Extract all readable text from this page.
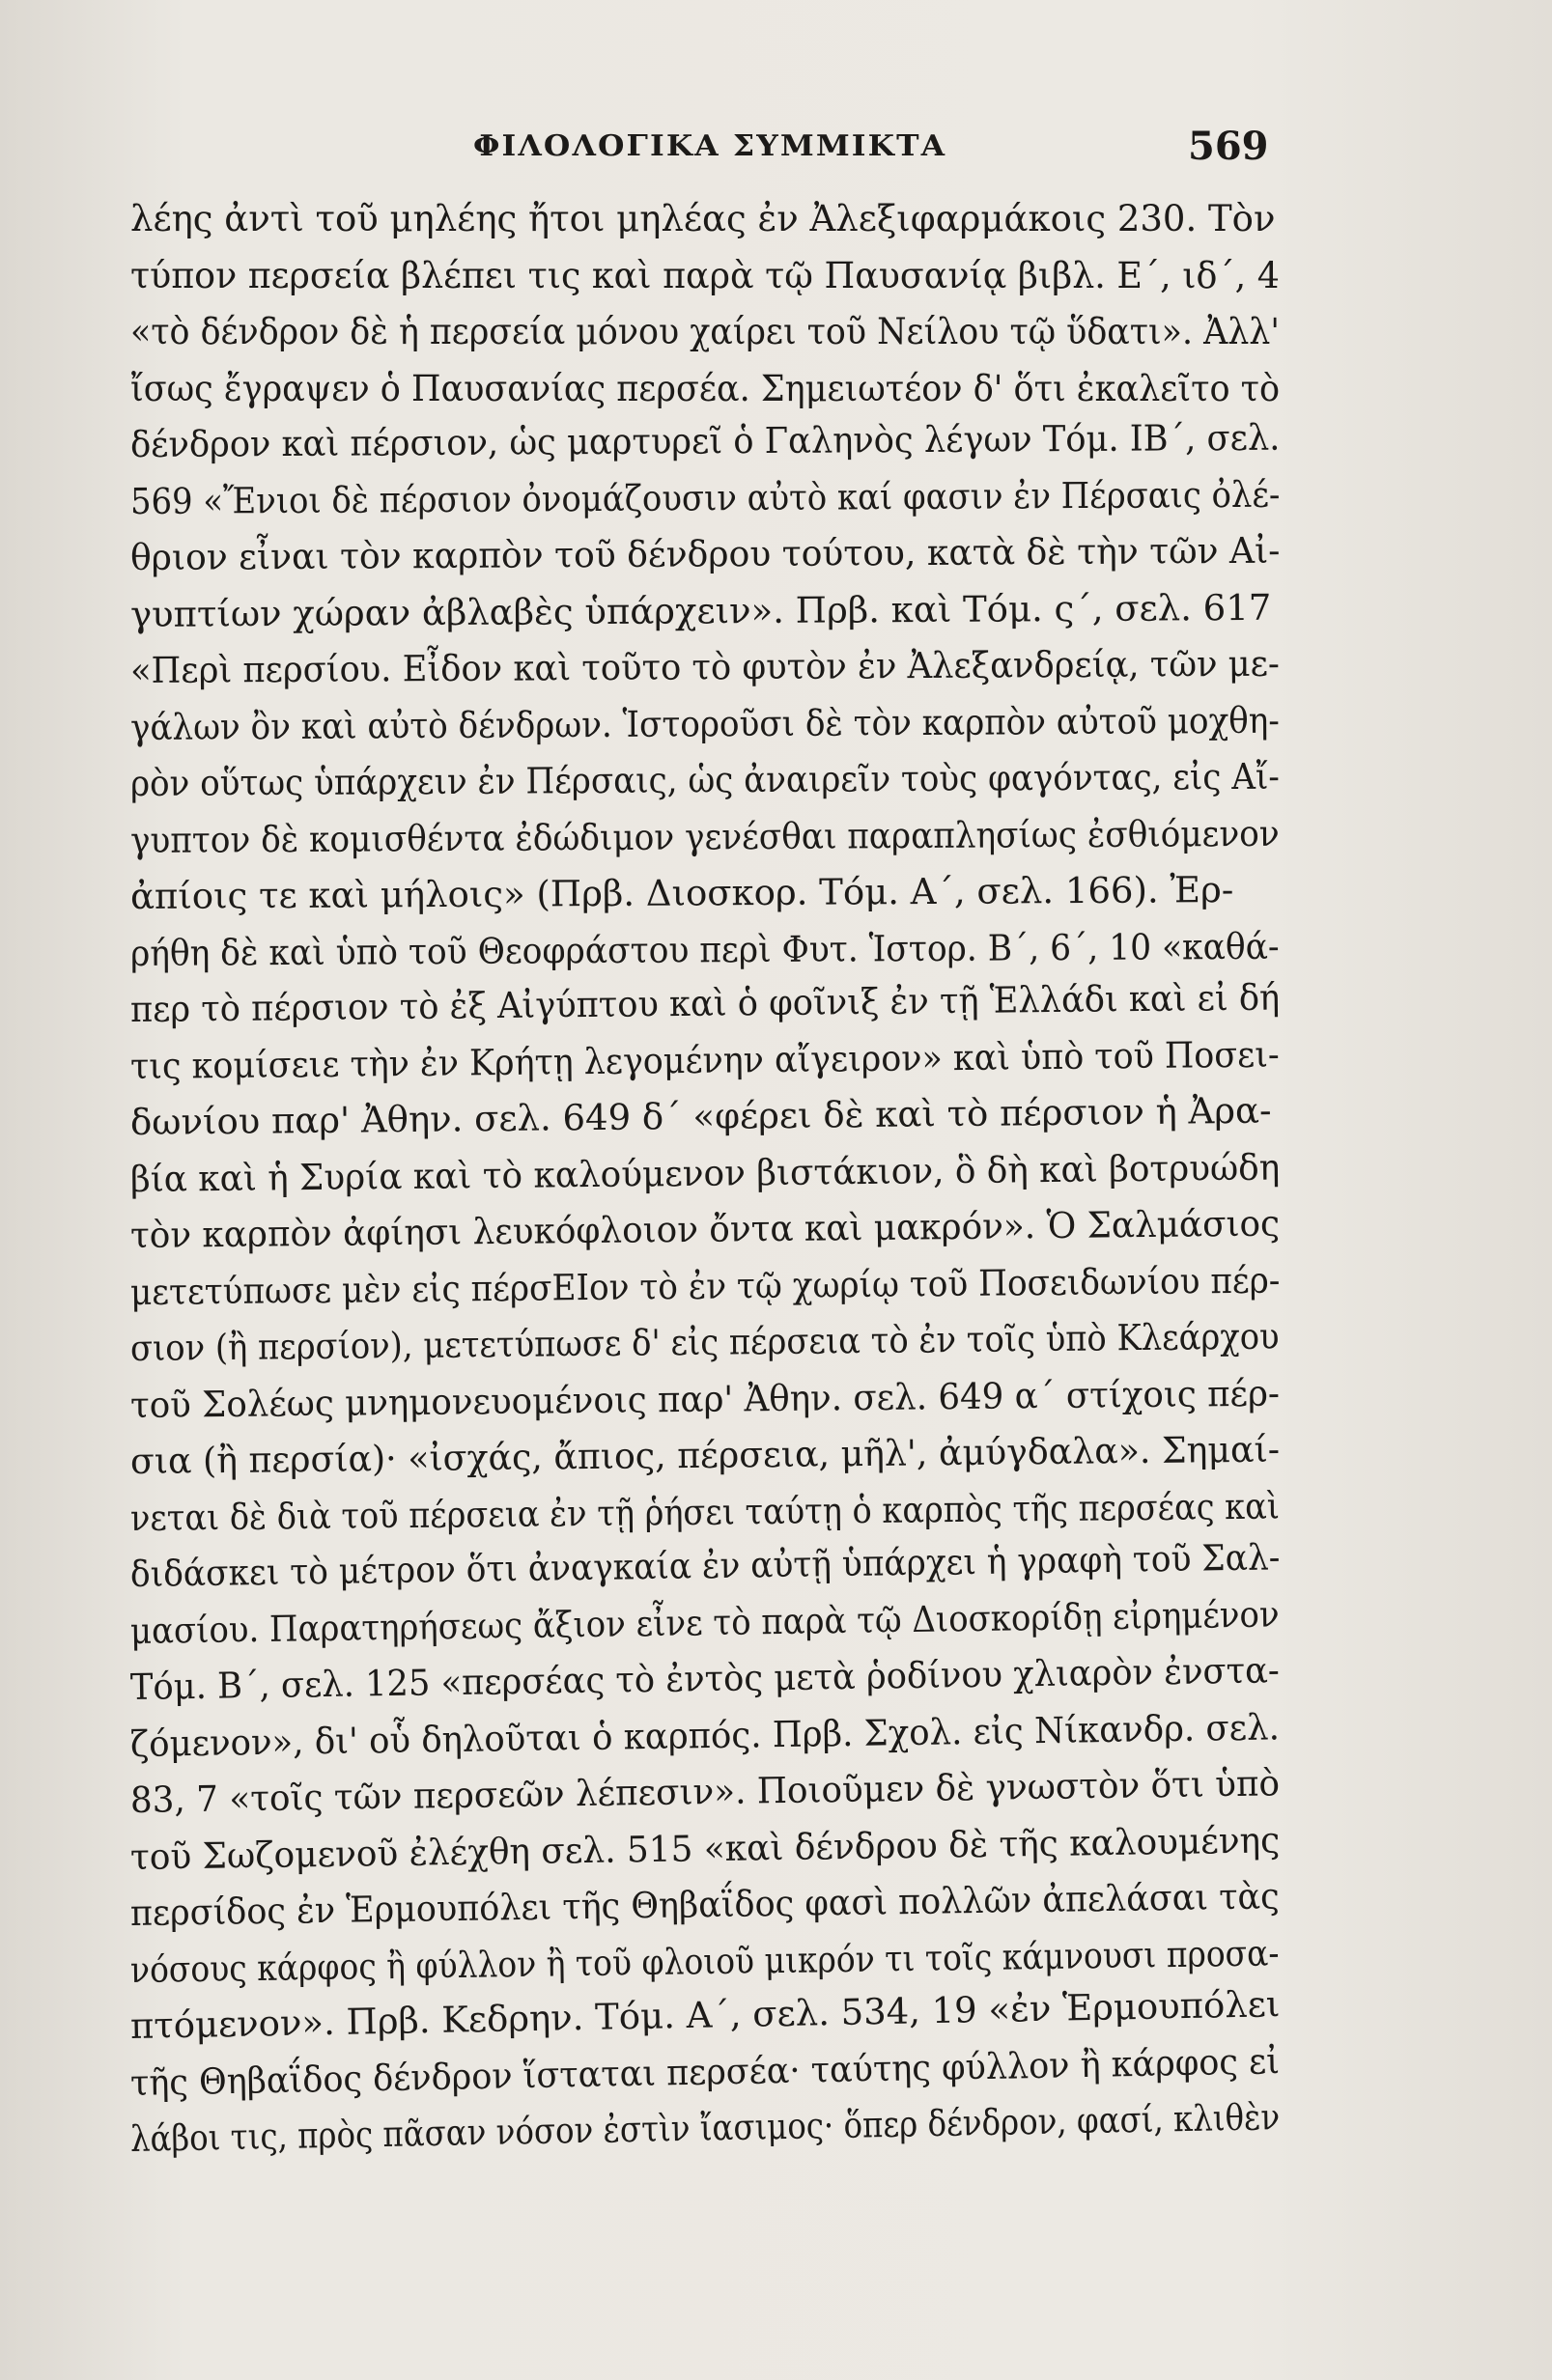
ΦΙΛΟΛΟΓΙΚΑ ΣΥΜΜΙΚΤΑ	569
λέης ἀντὶ τοῦ μηλέης ἤτοι μηλέας ἐν Ἀλεξιφαρμάκοις 230. Τὸν
τύπον περσεία βλέπει τις καὶ παρὰ τῷ Παυσανίᾳ βιβλ. Ε΄, ιδ΄, 4
«τὸ δένδρον δὲ ἡ περσεία μόνου χαίρει τοῦ Νείλου τῷ ὕδατι». Ἀλλ'
ἴσως ἔγραψεν ὁ Παυσανίας περσέα. Σημειωτέον δ' ὅτι ἐκαλεῖτο τὸ
δένδρον καὶ πέρσιον, ὡς μαρτυρεῖ ὁ Γαληνὸς λέγων Τόμ. ΙΒ΄, σελ.
569 «Ἔνιοι δὲ πέρσιον ὀνομάζουσιν αὐτὸ καί φασιν ἐν Πέρσαις ὀλέ-
θριον εἶναι τὸν καρπὸν τοῦ δένδρου τούτου, κατὰ δὲ τὴν τῶν Αἰ-
γυπτίων χώραν ἀβλαβὲς ὑπάρχειν». Πρβ. καὶ Τόμ. ς΄, σελ. 617
«Περὶ περσίου. Εἶδον καὶ τοῦτο τὸ φυτὸν ἐν Ἀλεξανδρείᾳ, τῶν με-
γάλων ὂν καὶ αὐτὸ δένδρων. Ἱστοροῦσι δὲ τὸν καρπὸν αὐτοῦ μοχθη-
ρὸν οὕτως ὑπάρχειν ἐν Πέρσαις, ὡς ἀναιρεῖν τοὺς φαγόντας, εἰς Αἴ-
γυπτον δὲ κομισθέντα ἐδώδιμον γενέσθαι παραπλησίως ἐσθιόμενον
ἀπίοις τε καὶ μήλοις» (Πρβ. Διοσκορ. Τόμ. Α΄, σελ. 166). Ἐρ-
ρήθη δὲ καὶ ὑπὸ τοῦ Θεοφράστου περὶ Φυτ. Ἱστορ. Β΄, 6΄, 10 «καθά-
περ τὸ πέρσιον τὸ ἐξ Αἰγύπτου καὶ ὁ φοῖνιξ ἐν τῇ Ἑλλάδι καὶ εἰ δή
τις κομίσειε τὴν ἐν Κρήτῃ λεγομένην αἴγειρον» καὶ ὑπὸ τοῦ Ποσει-
δωνίου παρ' Ἀθην. σελ. 649 δ΄ «φέρει δὲ καὶ τὸ πέρσιον ἡ Ἀρα-
βία καὶ ἡ Συρία καὶ τὸ καλούμενον βιστάκιον, ὃ δὴ καὶ βοτρυώδη
τὸν καρπὸν ἀφίησι λευκόφλοιον ὄντα καὶ μακρόν». Ὁ Σαλμάσιος
μετετύπωσε μὲν εἰς πέρσΕΙον τὸ ἐν τῷ χωρίῳ τοῦ Ποσειδωνίου πέρ-
σιον (ἢ περσίον), μετετύπωσε δ' εἰς πέρσεια τὸ ἐν τοῖς ὑπὸ Κλεάρχου
τοῦ Σολέως μνημονευομένοις παρ' Ἀθην. σελ. 649 α΄ στίχοις πέρ-
σια (ἢ περσία)· «ἰσχάς, ἄπιος, πέρσεια, μῆλ', ἀμύγδαλα». Σημαί-
νεται δὲ διὰ τοῦ πέρσεια ἐν τῇ ῥήσει ταύτῃ ὁ καρπὸς τῆς περσέας καὶ
διδάσκει τὸ μέτρον ὅτι ἀναγκαία ἐν αὐτῇ ὑπάρχει ἡ γραφὴ τοῦ Σαλ-
μασίου. Παρατηρήσεως ἄξιον εἶνε τὸ παρὰ τῷ Διοσκορίδῃ εἰρημένον
Τόμ. Β΄, σελ. 125 «περσέας τὸ ἐντὸς μετὰ ῥοδίνου χλιαρὸν ἐνστα-
ζόμενον», δι' οὗ δηλοῦται ὁ καρπός. Πρβ. Σχολ. εἰς Νίκανδρ. σελ.
83, 7 «τοῖς τῶν περσεῶν λέπεσιν». Ποιοῦμεν δὲ γνωστὸν ὅτι ὑπὸ
τοῦ Σωζομενοῦ ἐλέχθη σελ. 515 «καὶ δένδρου δὲ τῆς καλουμένης
περσίδος ἐν Ἑρμουπόλει τῆς Θηβαΐδος φασὶ πολλῶν ἀπελάσαι τὰς
νόσους κάρφος ἢ φύλλον ἢ τοῦ φλοιοῦ μικρόν τι τοῖς κάμνουσι προσα-
πτόμενον». Πρβ. Κεδρην. Τόμ. Α΄, σελ. 534, 19 «ἐν Ἑρμουπόλει
τῆς Θηβαΐδος δένδρον ἵσταται περσέα· ταύτης φύλλον ἢ κάρφος εἰ
λάβοι τις, πρὸς πᾶσαν νόσον ἐστὶν ἴασιμος· ὅπερ δένδρον, φασί, κλιθὲν
